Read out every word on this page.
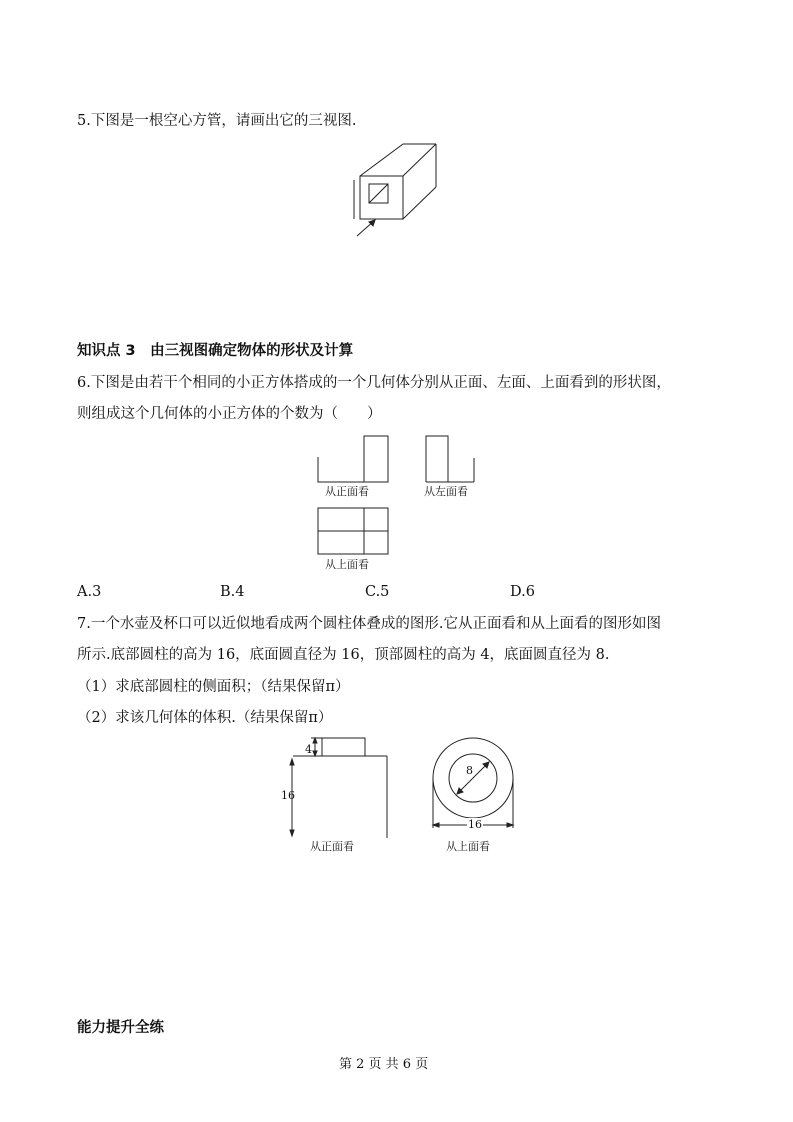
5.下图是一根空心方管，请画出它的三视图.
知识点 3　由三视图确定物体的形状及计算
6.下图是由若干个相同的小正方体搭成的一个几何体分别从正面、左面、上面看到的形状图，
则组成这个几何体的小正方体的个数为（　　）
从正面看	从左面看
从上面看
A.3	B.4	C.5	D.6
7.一个水壶及杯口可以近似地看成两个圆柱体叠成的图形.它从正面看和从上面看的图形如图
所示.底部圆柱的高为 16，底面圆直径为 16，顶部圆柱的高为 4，底面圆直径为 8.
（1）求底部圆柱的侧面积；（结果保留π）
（2）求该几何体的体积.（结果保留π）
4
16
从正面看
8
16
从上面看
能力提升全练
第 2 页 共 6 页
